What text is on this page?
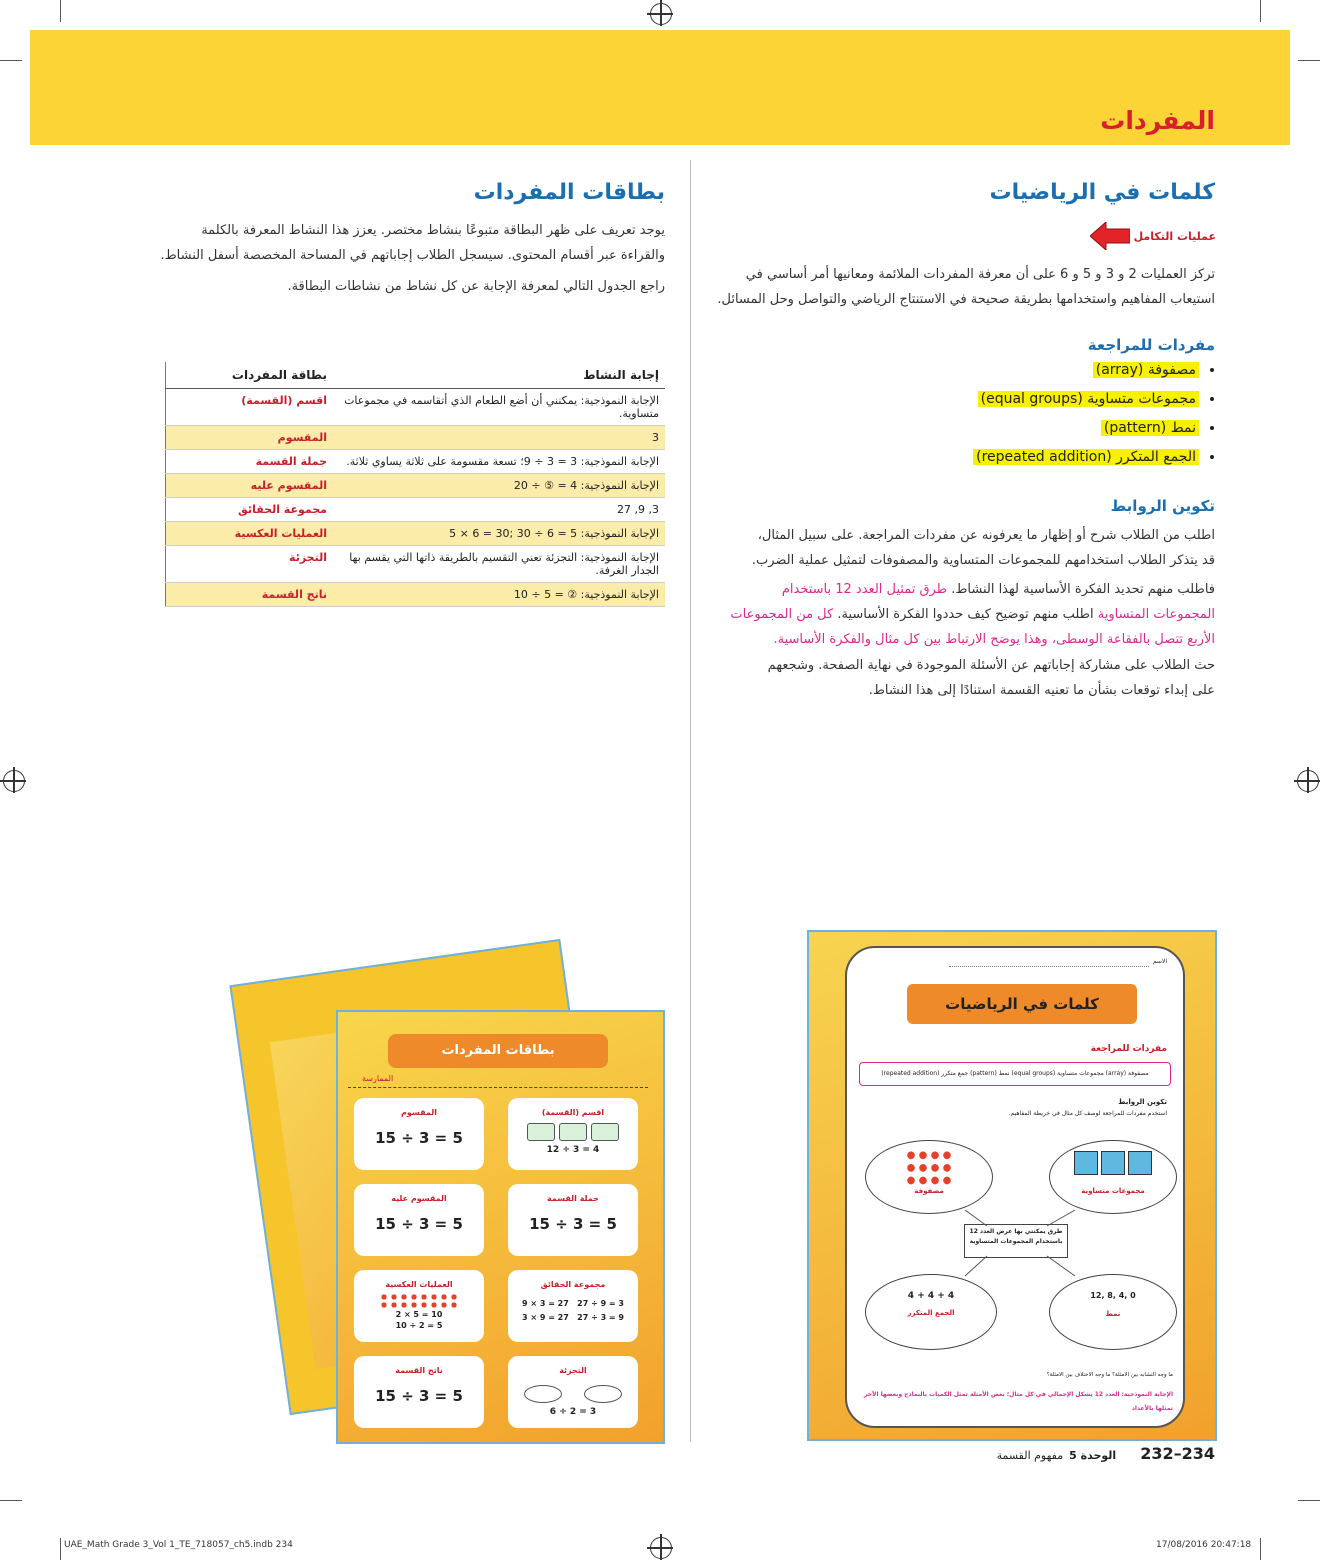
المفردات
كلمات في الرياضيات
عمليات التكامل
تركز العمليات 2 و 3 و 5 و 6 على أن معرفة المفردات الملائمة ومعانيها أمر أساسي في
استيعاب المفاهيم واستخدامها بطريقة صحيحة في الاستنتاج الرياضي والتواصل وحل المسائل.
مفردات للمراجعة
• مصفوفة (array)
• مجموعات متساوية (equal groups)
• نمط (pattern)
• الجمع المتكرر (repeated addition)
تكوين الروابط
اطلب من الطلاب شرح أو إظهار ما يعرفونه عن مفردات المراجعة. على سبيل المثال،
قد يتذكر الطلاب استخدامهم للمجموعات المتساوية والمصفوفات لتمثيل عملية الضرب.
فاطلب منهم تحديد الفكرة الأساسية لهذا النشاط. طرق تمثيل العدد 12 باستخدام
المجموعات المتساوية اطلب منهم توضيح كيف حددوا الفكرة الأساسية. كل من المجموعات
الأربع تتصل بالفقاعة الوسطى، وهذا يوضح الارتباط بين كل مثال والفكرة الأساسية.
حث الطلاب على مشاركة إجاباتهم عن الأسئلة الموجودة في نهاية الصفحة. وشجعهم
على إبداء توقعات بشأن ما تعنيه القسمة استنادًا إلى هذا النشاط.
بطاقات المفردات
يوجد تعريف على ظهر البطاقة متبوعًا بنشاط مختصر. يعزز هذا النشاط المعرفة بالكلمة
والقراءة عبر أقسام المحتوى. سيسجل الطلاب إجاباتهم في المساحة المخصصة أسفل النشاط.
راجع الجدول التالي لمعرفة الإجابة عن كل نشاط من نشاطات البطاقة.
إجابة النشاط	بطاقة المفردات
الإجابة النموذجية: يمكنني أن أضع الطعام الذي أتقاسمه في مجموعات متساوية.	اقسم (القسمة)
3	المقسوم
الإجابة النموذجية: 3 = 3 ÷ 9؛ تسعة مقسومة على ثلاثة يساوي ثلاثة.	جملة القسمة
الإجابة النموذجية: 4 = ⑤ ÷ 20	المقسوم عليه
3, 9, 27	مجموعة الحقائق
الإجابة النموذجية: 5 = 6 ÷ 30 ;30 = 6 × 5	العمليات العكسية
الإجابة النموذجية: التجزئة تعني التقسيم بالطريقة ذاتها التي يقسم بها الجدار الغرفة.	التجزئة
الإجابة النموذجية: ② = 5 ÷ 10	ناتج القسمة
بطاقات المفردات
الممارسة
اقسم (القسمة)
12 ÷ 3 = 4
المقسوم
15 ÷ 3 = 5
جملة القسمة
15 ÷ 3 = 5
المقسوم عليه
15 ÷ 3 = 5
مجموعة الحقائق
9 × 3 = 27   27 ÷ 9 = 3
3 × 9 = 27   27 ÷ 3 = 9
العمليات العكسية
2 × 5 = 10
10 ÷ 2 = 5
التجزئة
6 ÷ 2 = 3
ناتج القسمة
15 ÷ 3 = 5
الاسم
كلمات في الرياضيات
مفردات للمراجعة
مصفوفة (array) مجموعات متساوية (equal groups) نمط (pattern) جمع متكرر (repeated addition)
تكوين الروابط
استخدم مفردات للمراجعة لوصف كل مثال في خريطة المفاهيم.
مصفوفة	مجموعات متساوية
طرق يمكنني بها عرض العدد 12 باستخدام المجموعات المتساوية
4 + 4 + 4
الجمع المتكرر
12, 8, 4, 0
نمط
ما وجه التشابه بين الأمثلة؟ ما وجه الاختلاف بين الأمثلة؟
الإجابة النموذجية: العدد 12 يشكل الإجمالي في كل مثال؛ بعض الأمثلة تمثل الكميات بالنماذج وبعضها الآخر تمثلها بالأعداد
232–234
الوحدة 5
مفهوم القسمة
UAE_Math Grade 3_Vol 1_TE_718057_ch5.indb 234	17/08/2016 20:47:18
